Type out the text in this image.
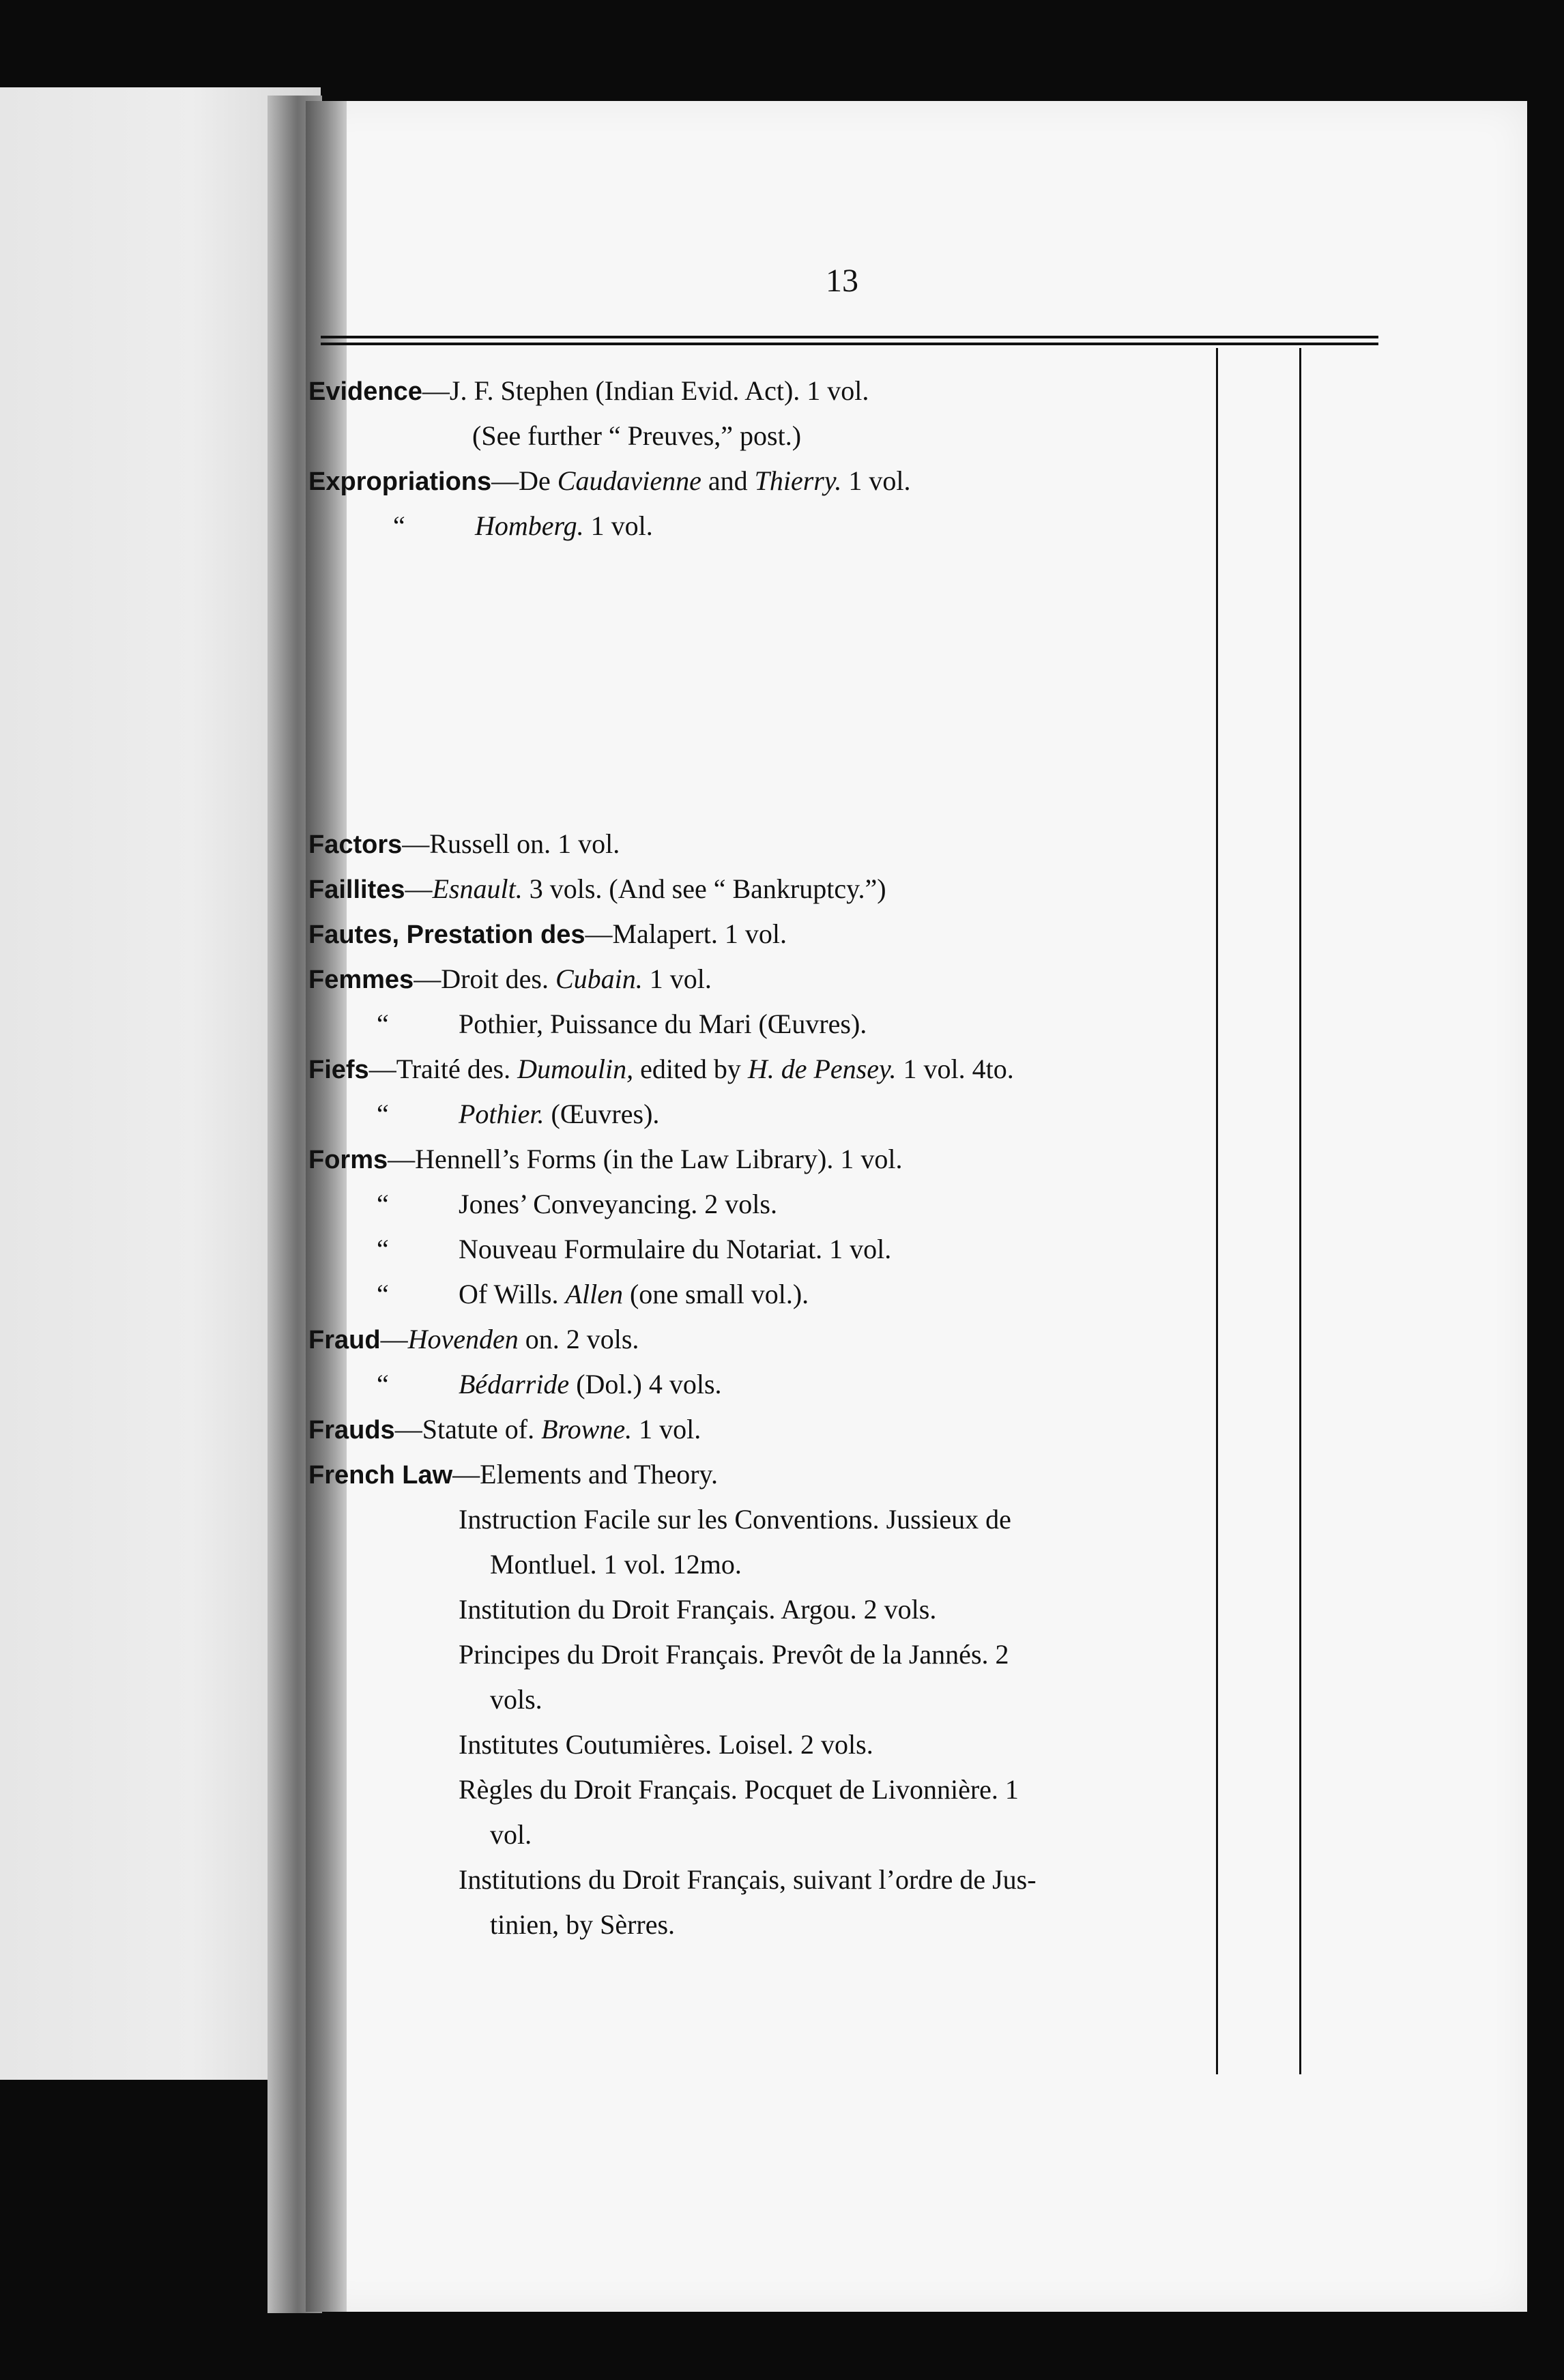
13
Evidence—J. F. Stephen (Indian Evid. Act). 1 vol.
(See further “ Preuves,” post.)
Expropriations—De Caudavienne and Thierry. 1 vol.
“	Homberg. 1 vol.
Factors—Russell on. 1 vol.
Faillites—Esnault. 3 vols. (And see “ Bankruptcy.”)
Fautes, Prestation des—Malapert. 1 vol.
Femmes—Droit des. Cubain. 1 vol.
“	Pothier, Puissance du Mari (Œuvres).
Fiefs—Traité des. Dumoulin, edited by H. de Pensey. 1 vol. 4to.
“	Pothier. (Œuvres).
Forms—Hennell’s Forms (in the Law Library). 1 vol.
“	Jones’ Conveyancing. 2 vols.
“	Nouveau Formulaire du Notariat. 1 vol.
“	Of Wills. Allen (one small vol.).
Fraud—Hovenden on. 2 vols.
“	Bédarride (Dol.) 4 vols.
Frauds—Statute of. Browne. 1 vol.
French Law—Elements and Theory.
Instruction Facile sur les Conventions. Jussieux de
Montluel. 1 vol. 12mo.
Institution du Droit Français. Argou. 2 vols.
Principes du Droit Français. Prevôt de la Jannés. 2
vols.
Institutes Coutumières. Loisel. 2 vols.
Règles du Droit Français. Pocquet de Livonnière. 1
vol.
Institutions du Droit Français, suivant l’ordre de Jus-
tinien, by Sèrres.
